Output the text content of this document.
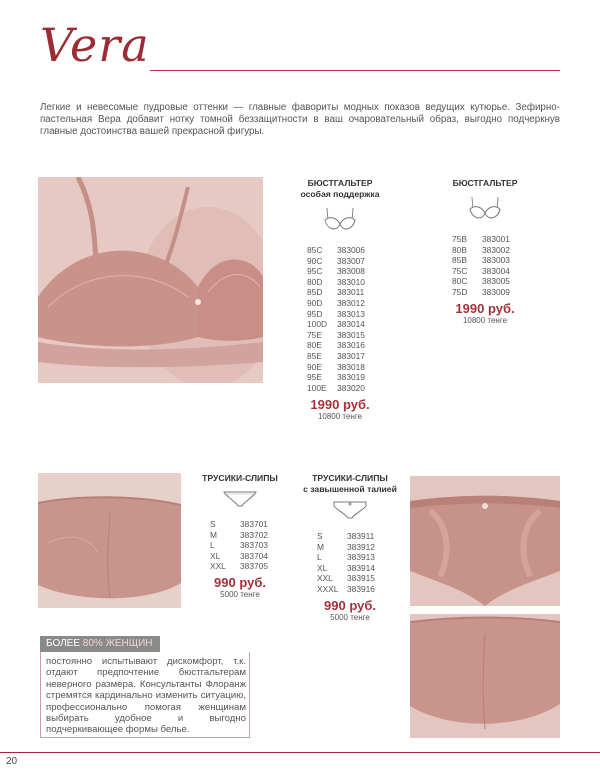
Vera

Легкие и невесомые пудровые оттенки — главные фавориты модных показов ведущих кутюрье. Зефирно-пастельная Вера добавит нотку томной беззащитности в ваш очаровательный образ, выгодно подчеркнув главные достоинства вашей прекрасной фигуры.

БЮСТГАЛЬТЕР
особая поддержка
85C	383006
90C	383007
95C	383008
80D	383010
85D	383011
90D	383012
95D	383013
100D	383014
75E	383015
80E	383016
85E	383017
90E	383018
95E	383019
100E	383020
1990 руб.
10800 тенге
БЮСТГАЛЬТЕР
75B	383001
80B	383002
85B	383003
75C	383004
80C	383005
75D	383009
1990 руб.
10800 тенге
ТРУСИКИ-СЛИПЫ
S	383701
M	383702
L	383703
XL	383704
XXL	383705
990 руб.
5000 тенге
ТРУСИКИ-СЛИПЫ
с завышенной талией
S	383911
M	383912
L	383913
XL	383914
XXL	383915
XXXL	383916
990 руб.
5000 тенге
БОЛЕЕ 80% ЖЕНЩИН

постоянно испытывают дискомфорт, т.к. отдают предпочтение бюстгальтерам неверного размера. Консультанты Флоранж стремятся кардинально изменить ситуацию, профессионально помогая женщинам выбирать удобное и выгодно подчеркивающее формы белье.

20
